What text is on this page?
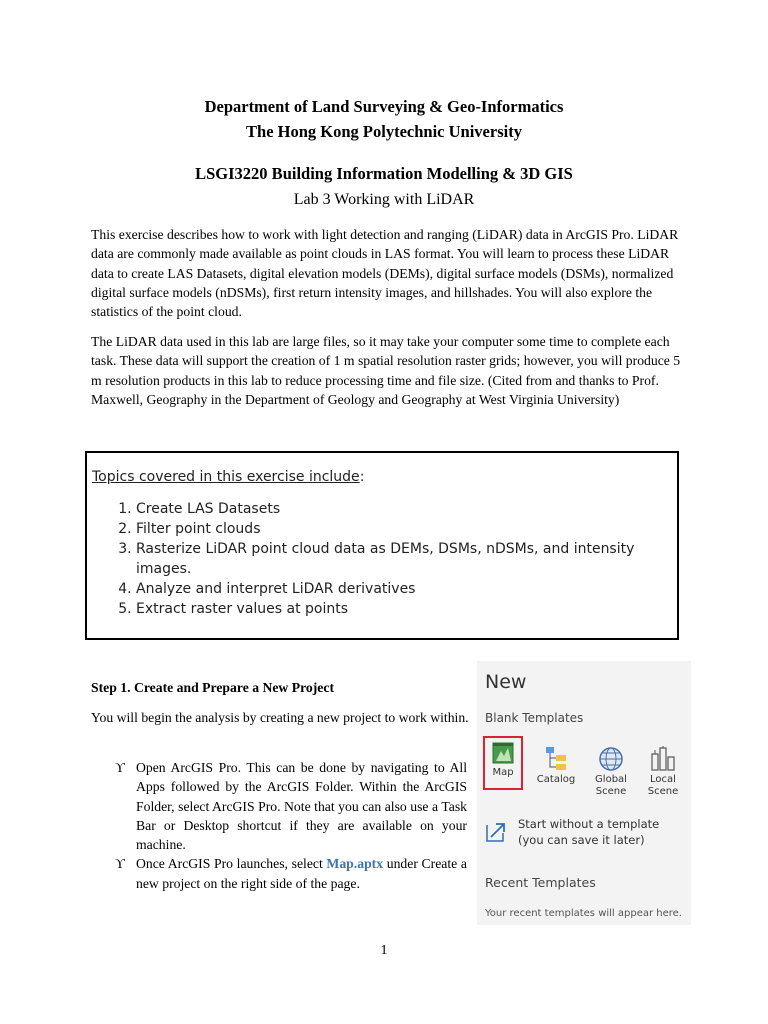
Department of Land Surveying & Geo-Informatics
The Hong Kong Polytechnic University
LSGI3220 Building Information Modelling & 3D GIS
Lab 3 Working with LiDAR

This exercise describes how to work with light detection and ranging (LiDAR) data in ArcGIS Pro. LiDAR data are commonly made available as point clouds in LAS format. You will learn to process these LiDAR data to create LAS Datasets, digital elevation models (DEMs), digital surface models (DSMs), normalized digital surface models (nDSMs), first return intensity images, and hillshades. You will also explore the statistics of the point cloud.

The LiDAR data used in this lab are large files, so it may take your computer some time to complete each task. These data will support the creation of 1 m spatial resolution raster grids; however, you will produce 5 m resolution products in this lab to reduce processing time and file size. (Cited from and thanks to Prof. Maxwell, Geography in the Department of Geology and Geography at West Virginia University)

Topics covered in this exercise include:
1. Create LAS Datasets
2. Filter point clouds
3. Rasterize LiDAR point cloud data as DEMs, DSMs, nDSMs, and intensity images.
4. Analyze and interpret LiDAR derivatives
5. Extract raster values at points
Step 1. Create and Prepare a New Project

You will begin the analysis by creating a new project to work within.

ϒ Open ArcGIS Pro. This can be done by navigating to All Apps followed by the ArcGIS Folder. Within the ArcGIS Folder, select ArcGIS Pro. Note that you can also use a Task Bar or Desktop shortcut if they are available on your machine.
ϒ Once ArcGIS Pro launches, select Map.aptx under Create a new project on the right side of the page.
New
Blank Templates
Map
Catalog	Global Scene
Local Scene
Start without a template
(you can save it later)
Recent Templates
Your recent templates will appear here.
1
